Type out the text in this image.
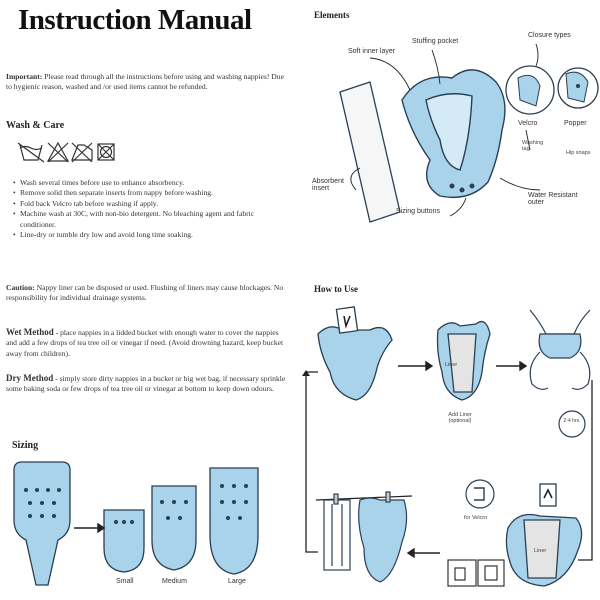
Instruction Manual
Important: Please read through all the instructions before using and washing nappies! Due to hygienic reason, washed and /or used items cannot be refunded.
Wash & Care
• Wash several times before use to enhance absorbency.
• Remove solid then separate inserts from nappy before washing.
• Fold back Velcro tab before washing if apply.
• Machine wash at 30C, with non-bio detergent. No bleaching agent and fabric conditioner.
• Line-dry or tumble dry low and avoid long time soaking.
Caution: Nappy liner can be disposed or used. Flushing of liners may cause blockages. No responsibility for individual drainage systems.
Wet Method - place nappies in a lidded bucket with enough water to cover the nappies and add a few drops of tea tree oil or vinegar if need. (Avoid drowning hazard, keep bucket away from children).
Dry Method - simply store dirty nappies in a bucket or big wet bag, if necessary sprinkle some baking soda or few drops of tea tree oil or vinegar at bottom to keep down odours.
Sizing
Small	Medium	Large
Elements
Soft inner layer
Stuffing pocket
Closure types
Velcro	Popper
Washing tag
Hip snaps
Absorbent insert
Sizing buttons
Water Resistant outer
How to Use
Liner
Add Liner (optional)	2-4 hrs.
for Velcro
Liner
